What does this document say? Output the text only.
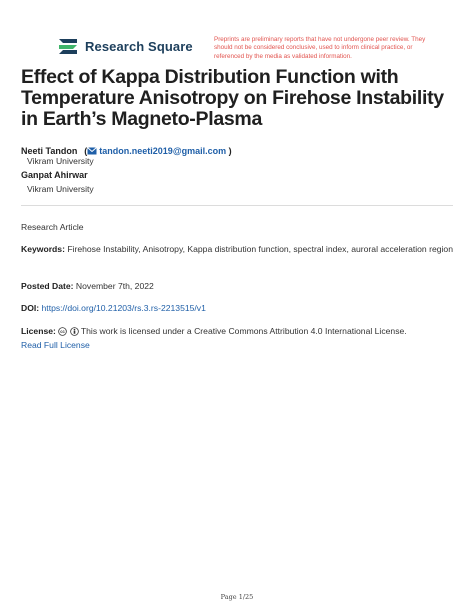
Research Square	Preprints are preliminary reports that have not undergone peer review. They should not be considered conclusive, used to inform clinical practice, or referenced by the media as validated information.
Effect of Kappa Distribution Function with Temperature Anisotropy on Firehose Instability in Earth’s Magneto-Plasma
Neeti Tandon  ( tandon.neeti2019@gmail.com )
Vikram University
Ganpat Ahirwar
Vikram University
Research Article
Keywords: Firehose Instability, Anisotropy, Kappa distribution function, spectral index, auroral acceleration region
Posted Date: November 7th, 2022
DOI: https://doi.org/10.21203/rs.3.rs-2213515/v1
License: cc This work is licensed under a Creative Commons Attribution 4.0 International License.
Read Full License
Page 1/25
